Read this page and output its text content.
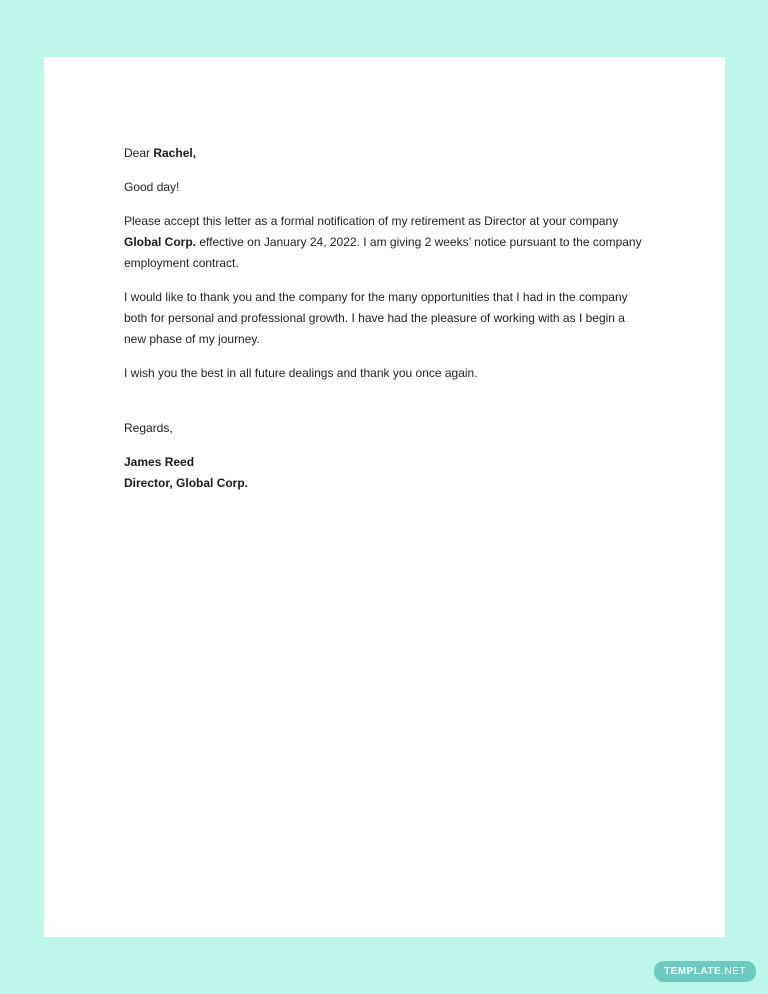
Dear Rachel,

Good day!

Please accept this letter as a formal notification of my retirement as Director at your company Global Corp. effective on January 24, 2022. I am giving 2 weeks’ notice pursuant to the company employment contract.

I would like to thank you and the company for the many opportunities that I had in the company both for personal and professional growth. I have had the pleasure of working with as I begin a new phase of my journey.

I wish you the best in all future dealings and thank you once again.

Regards,

James Reed

Director, Global Corp.

TEMPLATE.NET
